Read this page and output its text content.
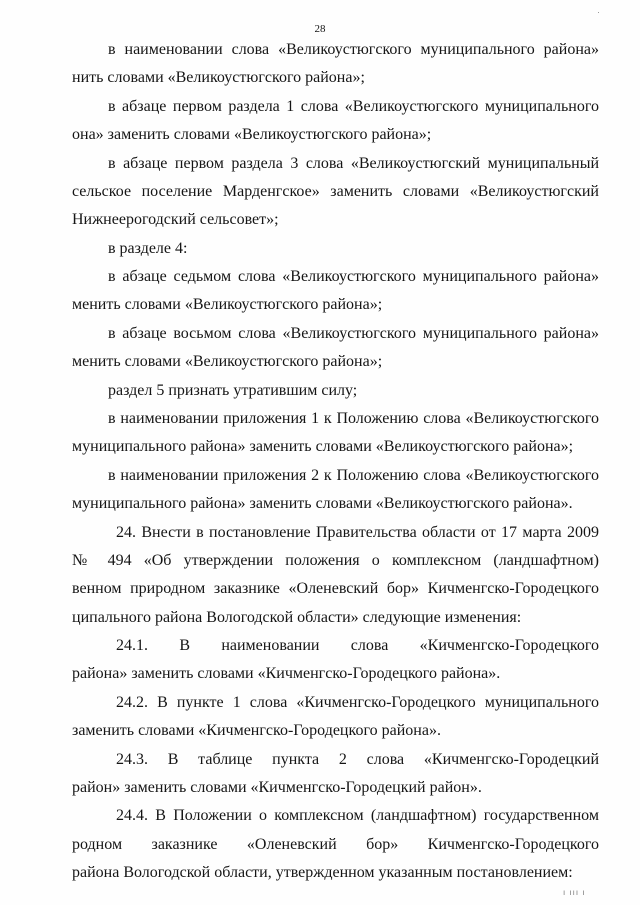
28
в наименовании слова «Великоустюгского муниципального района»
нить словами «Великоустюгского района»;
в абзаце первом раздела 1 слова «Великоустюгского муниципального
она» заменить словами «Великоустюгского района»;
в абзаце первом раздела 3 слова «Великоустюгский муниципальный
сельское поселение Марденгское» заменить словами «Великоустюгский
Нижнеерогодский сельсовет»;
в разделе 4:
в абзаце седьмом слова «Великоустюгского муниципального района»
менить словами «Великоустюгского района»;
в абзаце восьмом слова «Великоустюгского муниципального района»
менить словами «Великоустюгского района»;
раздел 5 признать утратившим силу;
в наименовании приложения 1 к Положению слова «Великоустюгского
муниципального района» заменить словами «Великоустюгского района»;
в наименовании приложения 2 к Положению слова «Великоустюгского
муниципального района» заменить словами «Великоустюгского района».
24. Внести в постановление Правительства области от 17 марта 2009
№ 494 «Об утверждении положения о комплексном (ландшафтном)
венном природном заказнике «Оленевский бор» Кичменгско-Городецкого
ципального района Вологодской области» следующие изменения:
24.1. В наименовании слова «Кичменгско-Городецкого
района» заменить словами «Кичменгско-Городецкого района».
24.2. В пункте 1 слова «Кичменгско-Городецкого муниципального
заменить словами «Кичменгско-Городецкого района».
24.3. В таблице пункта 2 слова «Кичменгско-Городецкий
район» заменить словами «Кичменгско-Городецкий район».
24.4. В Положении о комплексном (ландшафтном) государственном
родном заказнике «Оленевский бор» Кичменгско-Городецкого
района Вологодской области, утвержденном указанным постановлением:
ı ııı ı
